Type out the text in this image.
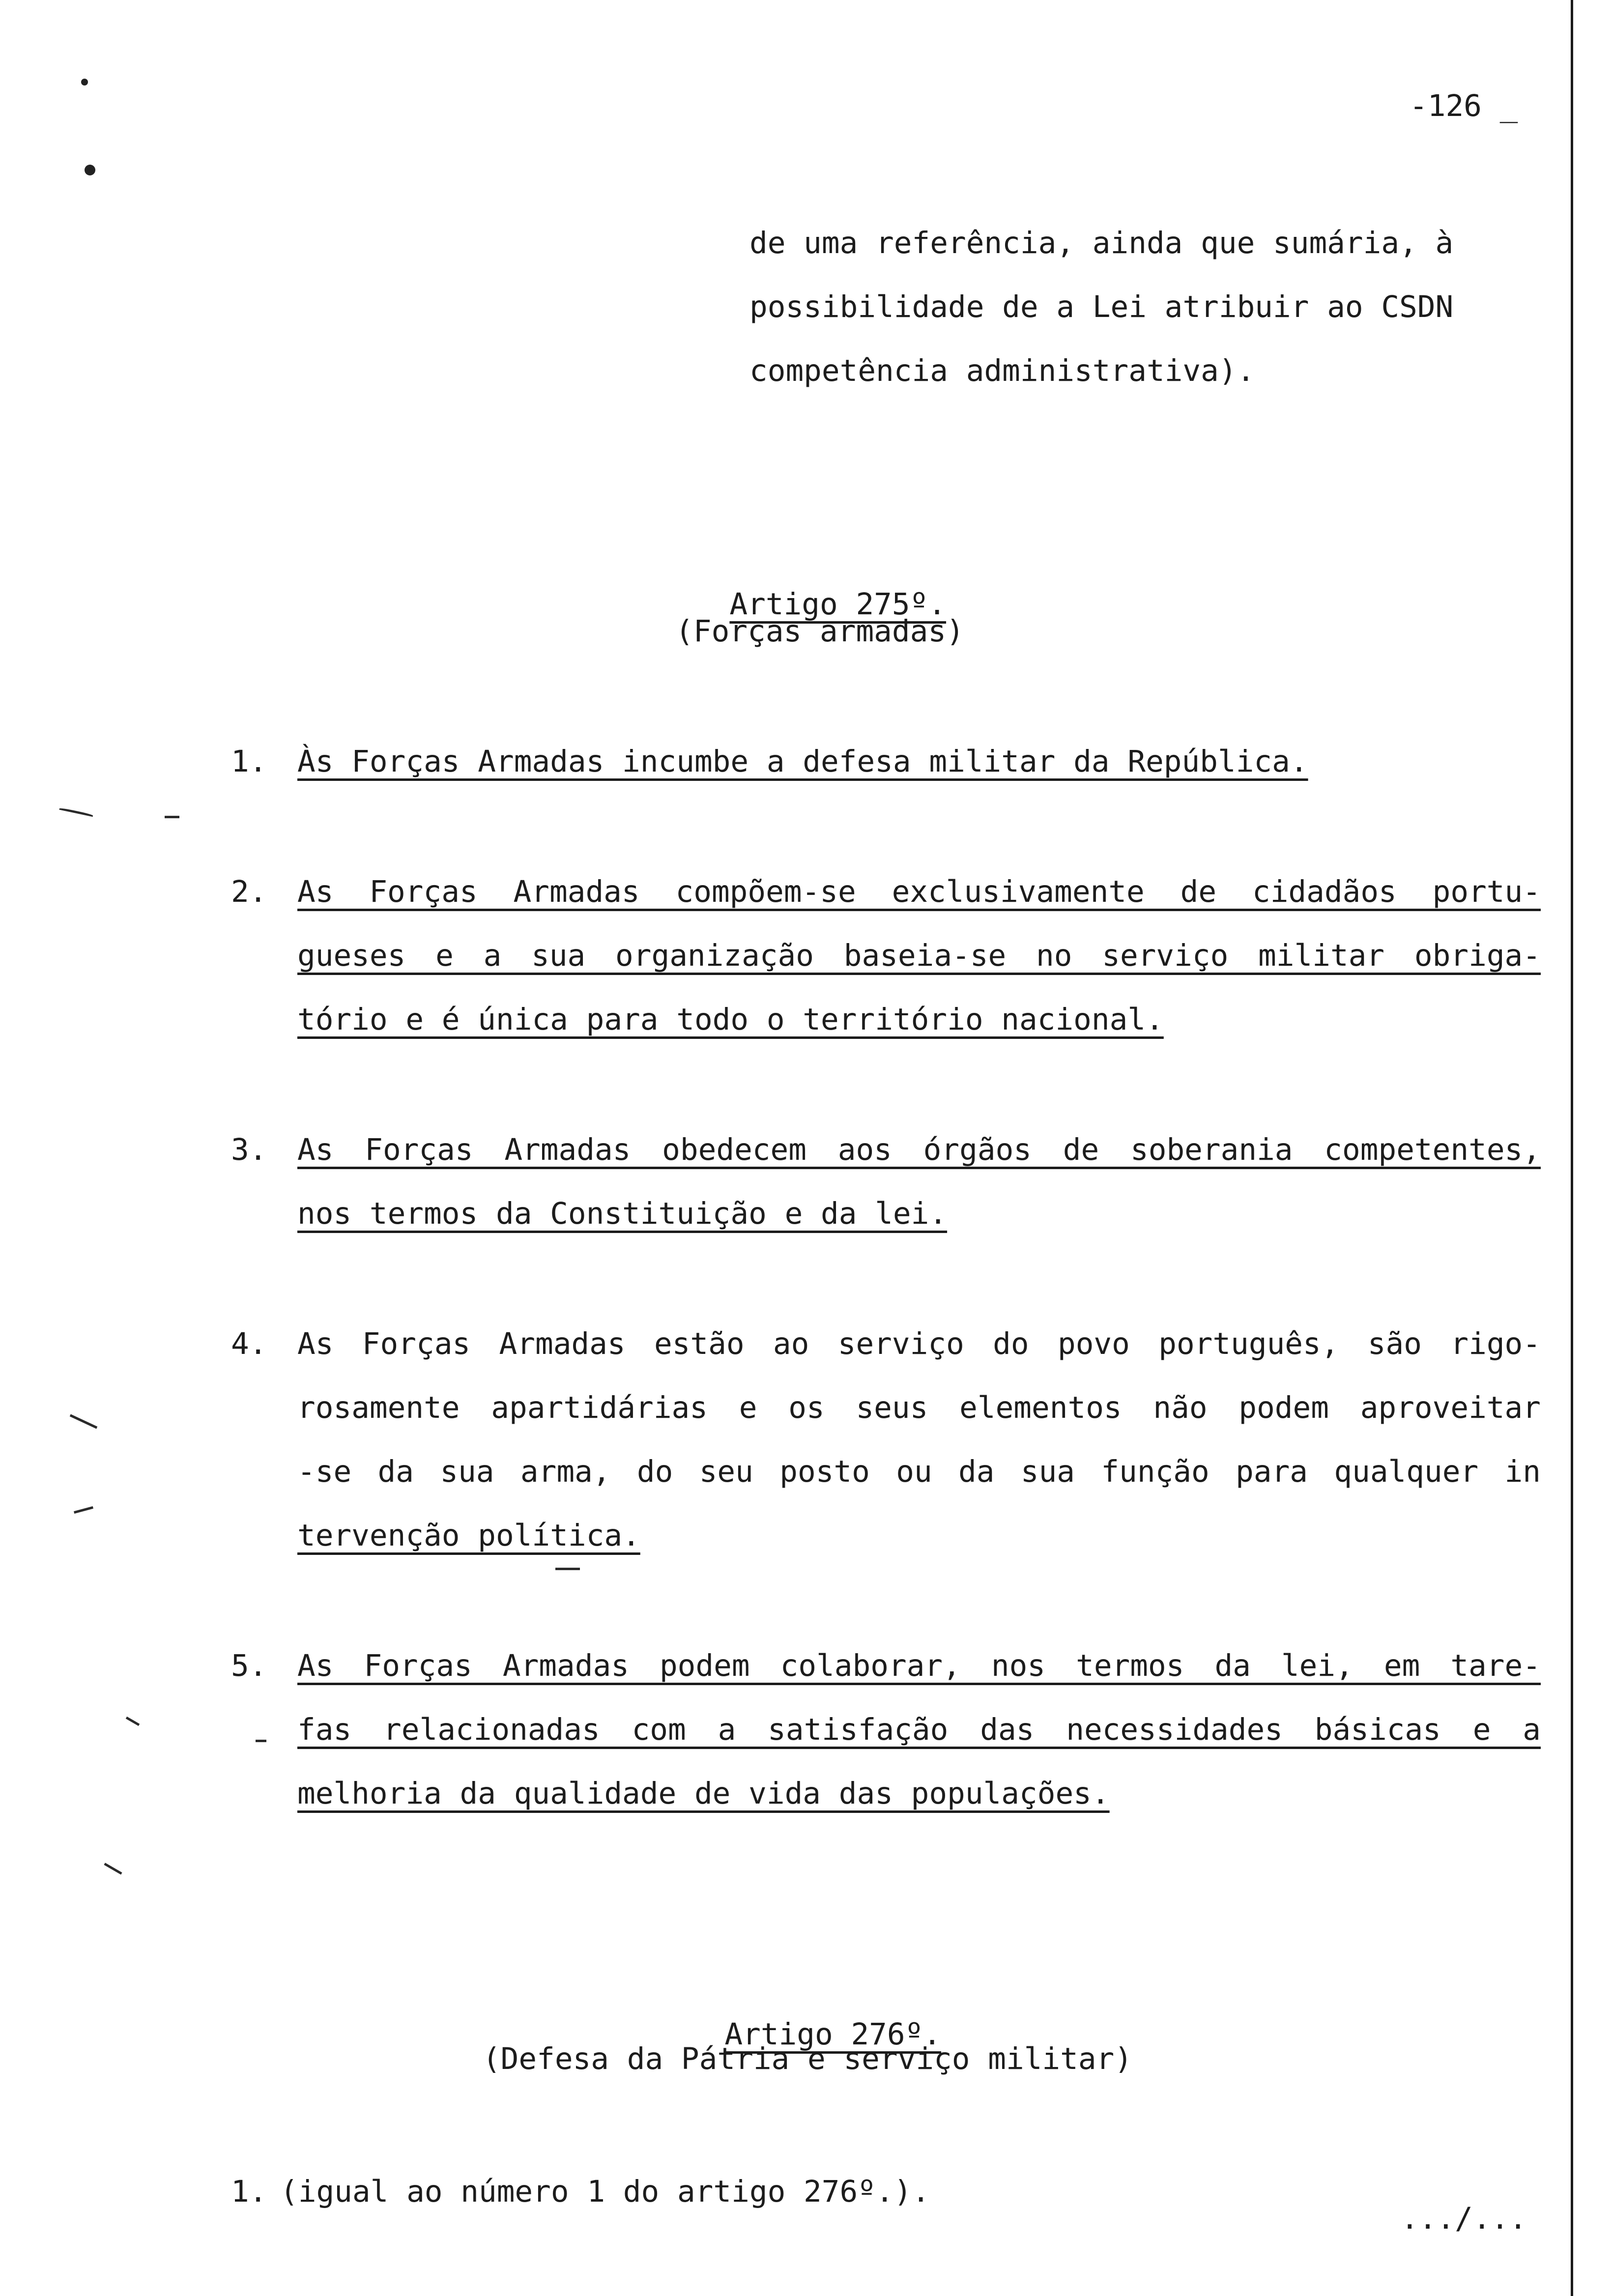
-126 _
de uma referência, ainda que sumária, à
possibilidade de a Lei atribuir ao CSDN
competência administrativa).

Artigo 275º.

(Forças armadas)
1.	Às Forças Armadas incumbe a defesa militar da República.
2.	As Forças Armadas compõem-se exclusivamente de cidadãos portu-
gueses e a sua organização baseia-se no serviço militar obriga-
tório e é única para todo o território nacional.
3.	As Forças Armadas obedecem aos órgãos de soberania competentes,
nos termos da Constituição e da lei.
4.	As Forças Armadas estão ao serviço do povo português, são rigo-
rosamente apartidárias e os seus elementos não podem aproveitar
-se da sua arma, do seu posto ou da sua função para qualquer in
tervenção política.
5.	As Forças Armadas podem colaborar, nos termos da lei, em tare-
fas relacionadas com a satisfação das necessidades básicas e a
melhoria da qualidade de vida das populações.

Artigo 276º.

(Defesa da Pátria e serviço militar)
1. (igual ao número 1 do artigo 276º.).
.../...
